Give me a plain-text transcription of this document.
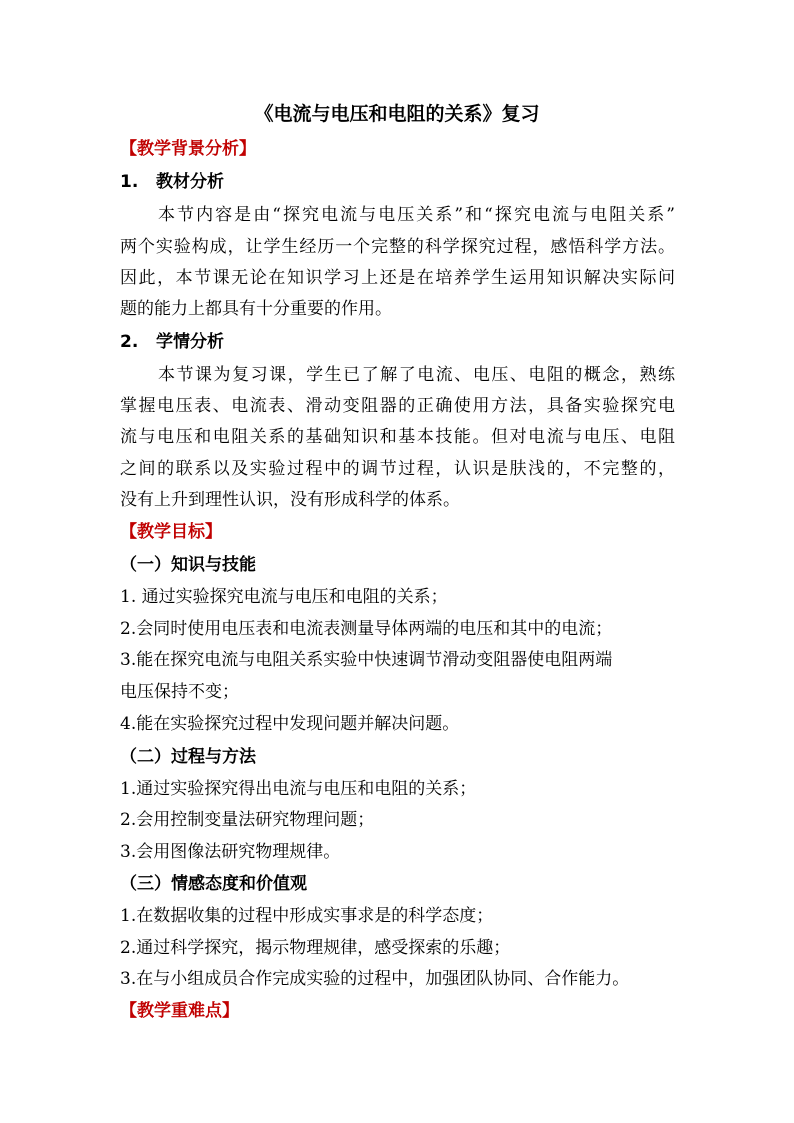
《电流与电压和电阻的关系》复习
【教学背景分析】
1. 教材分析
本节内容是由“探究电流与电压关系”和“探究电流与电阻关系”
两个实验构成，让学生经历一个完整的科学探究过程，感悟科学方法。
因此，本节课无论在知识学习上还是在培养学生运用知识解决实际问
题的能力上都具有十分重要的作用。
2. 学情分析
本节课为复习课，学生已了解了电流、电压、电阻的概念，熟练
掌握电压表、电流表、滑动变阻器的正确使用方法，具备实验探究电
流与电压和电阻关系的基础知识和基本技能。但对电流与电压、电阻
之间的联系以及实验过程中的调节过程，认识是肤浅的，不完整的，
没有上升到理性认识，没有形成科学的体系。
【教学目标】
（一）知识与技能
1. 通过实验探究电流与电压和电阻的关系；
2.会同时使用电压表和电流表测量导体两端的电压和其中的电流；
3.能在探究电流与电阻关系实验中快速调节滑动变阻器使电阻两端
电压保持不变；
4.能在实验探究过程中发现问题并解决问题。
（二）过程与方法
1.通过实验探究得出电流与电压和电阻的关系；
2.会用控制变量法研究物理问题；
3.会用图像法研究物理规律。
（三）情感态度和价值观
1.在数据收集的过程中形成实事求是的科学态度；
2.通过科学探究，揭示物理规律，感受探索的乐趣；
3.在与小组成员合作完成实验的过程中，加强团队协同、合作能力。
【教学重难点】
